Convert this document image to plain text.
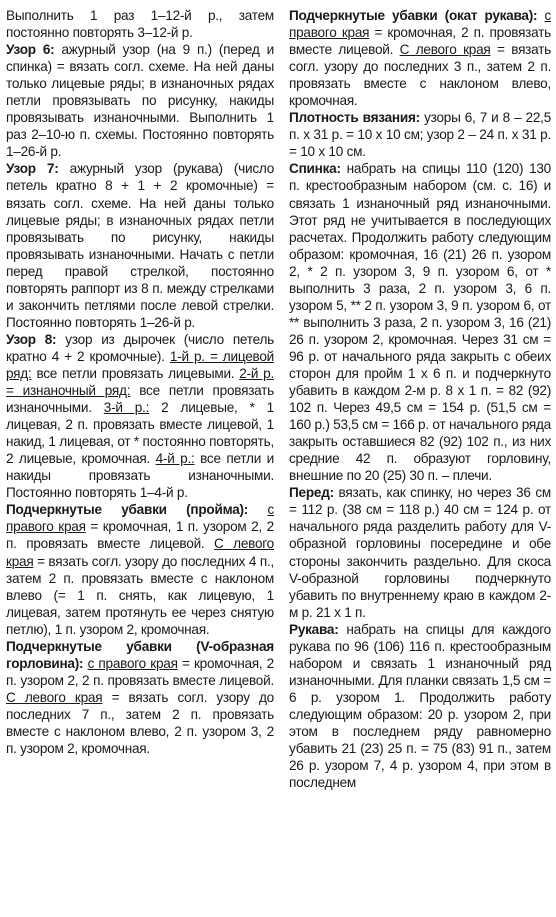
Выполнить 1 раз 1–12-й р., затем постоянно повторять 3–12-й р.

Узор 6: ажурный узор (на 9 п.) (перед и спинка) = вязать согл. схеме. На ней даны только лицевые ряды; в изнаночных рядах петли провязывать по рисунку, накиды провязывать изнаночными. Выполнить 1 раз 2–10-ю п. схемы. Постоянно повторять 1–26-й р.

Узор 7: ажурный узор (рукава) (число петель кратно 8 + 1 + 2 кромочные) = вязать согл. схеме. На ней даны только лицевые ряды; в изнаночных рядах петли провязывать по рисунку, накиды провязывать изнаночными. Начать с петли перед правой стрелкой, постоянно повторять раппорт из 8 п. между стрелками и закончить петлями после левой стрелки. Постоянно повторять 1–26-й р.

Узор 8: узор из дырочек (число петель кратно 4 + 2 кромочные). 1-й р. = лицевой ряд: все петли провязать лицевыми. 2-й р. = изнаночный ряд: все петли провязать изнаночными. 3-й р.: 2 лицевые, * 1 лицевая, 2 п. провязать вместе лицевой, 1 накид, 1 лицевая, от * постоянно повторять, 2 лицевые, кромочная. 4-й р.: все петли и накиды провязать изнаночными. Постоянно повторять 1–4-й р.

Подчеркнутые убавки (пройма): с правого края = кромочная, 1 п. узором 2, 2 п. провязать вместе лицевой. С левого края = вязать согл. узору до последних 4 п., затем 2 п. провязать вместе с наклоном влево (= 1 п. снять, как лицевую, 1 лицевая, затем протянуть ее через снятую петлю), 1 п. узором 2, кромочная.

Подчеркнутые убавки (V-образная горловина): с правого края = кромочная, 2 п. узором 2, 2 п. провязать вместе лицевой. С левого края = вязать согл. узору до последних 7 п., затем 2 п. провязать вместе с наклоном влево, 2 п. узором 3, 2 п. узором 2, кромочная.

Подчеркнутые убавки (окат рукава): с правого края = кромочная, 2 п. провязать вместе лицевой. С левого края = вязать согл. узору до последних 3 п., затем 2 п. провязать вместе с наклоном влево, кромочная.

Плотность вязания: узоры 6, 7 и 8 – 22,5 п. х 31 р. = 10 х 10 см; узор 2 – 24 п. х 31 р. = 10 х 10 см.

Спинка: набрать на спицы 110 (120) 130 п. крестообразным набором (см. с. 16) и связать 1 изнаночный ряд изнаночными. Этот ряд не учитывается в последующих расчетах. Продолжить работу следующим образом: кромочная, 16 (21) 26 п. узором 2, * 2 п. узором 3, 9 п. узором 6, от * выполнить 3 раза, 2 п. узором 3, 6 п. узором 5, ** 2 п. узором 3, 9 п. узором 6, от ** выполнить 3 раза, 2 п. узором 3, 16 (21) 26 п. узором 2, кромочная. Через 31 см = 96 р. от начального ряда закрыть с обеих сторон для пройм 1 х 6 п. и подчеркнуто убавить в каждом 2-м р. 8 х 1 п. = 82 (92) 102 п. Через 49,5 см = 154 р. (51,5 см = 160 р.) 53,5 см = 166 р. от начального ряда закрыть оставшиеся 82 (92) 102 п., из них средние 42 п. образуют горловину, внешние по 20 (25) 30 п. – плечи.

Перед: вязать, как спинку, но через 36 см = 112 р. (38 см = 118 р.) 40 см = 124 р. от начального ряда разделить работу для V-образной горловины посередине и обе стороны закончить раздельно. Для скоса V-образной горловины подчеркнуто убавить по внутреннему краю в каждом 2-м р. 21 х 1 п.

Рукава: набрать на спицы для каждого рукава по 96 (106) 116 п. крестообразным набором и связать 1 изнаночный ряд изнаночными. Для планки связать 1,5 см = 6 р. узором 1. Продолжить работу следующим образом: 20 р. узором 2, при этом в последнем ряду равномерно убавить 21 (23) 25 п. = 75 (83) 91 п., затем 26 р. узором 7, 4 р. узором 4, при этом в последнем
